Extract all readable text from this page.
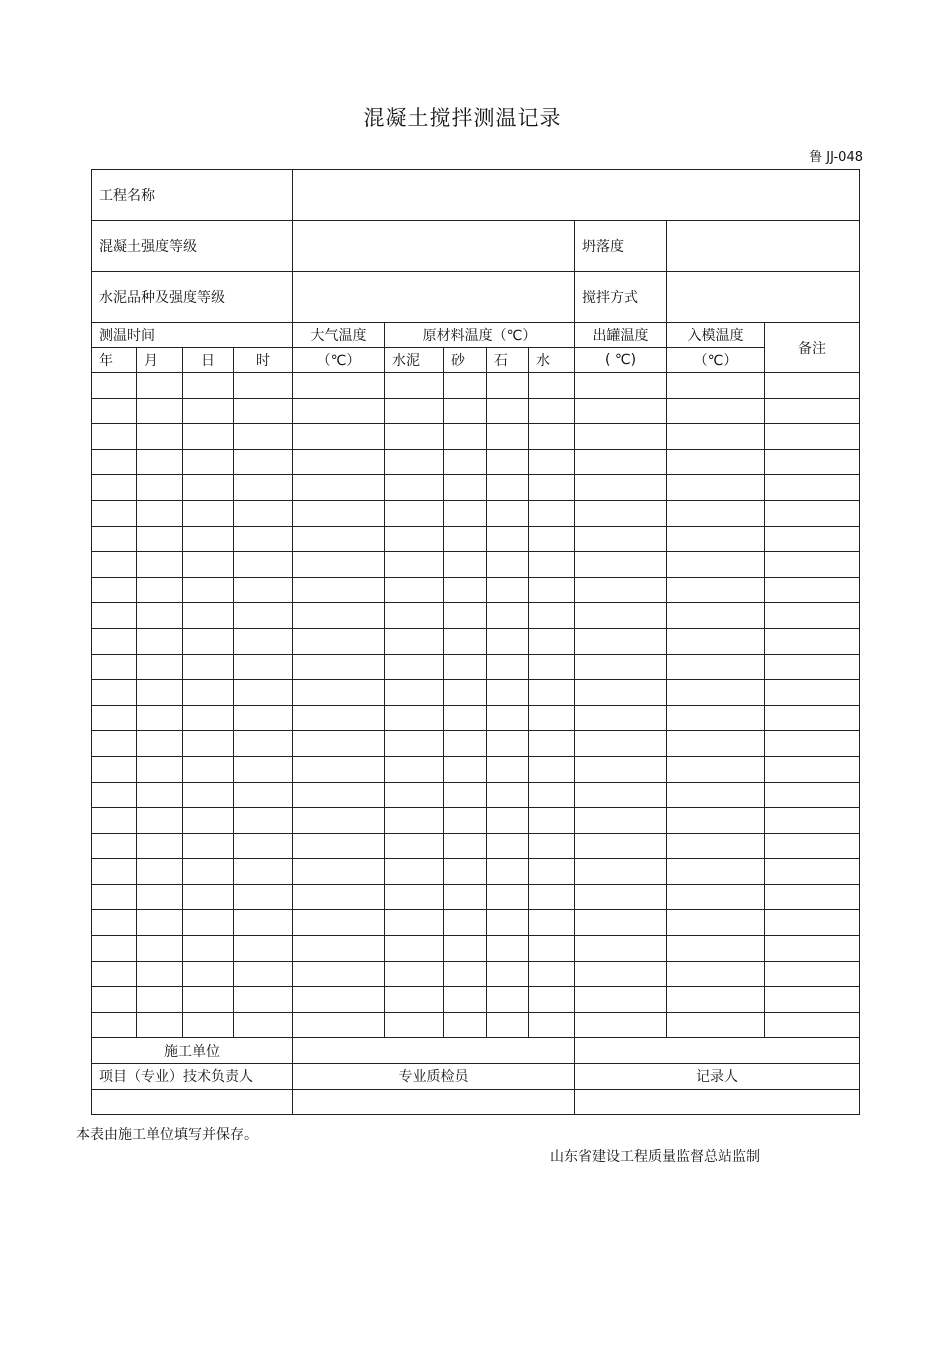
混凝土搅拌测温记录
鲁 JJ-048
工程名称											
混凝土强度等级									坍落度		
水泥品种及强度等级									搅拌方式		
测温时间				大气温度	原材料温度（℃）				出罐温度	入模温度	备注
年	月	日	时	（℃）	水泥	砂	石	水	( ℃)	（℃）	

施工单位											
项目（专业）技术负责人				专业质检员					记录人		

本表由施工单位填写并保存。
山东省建设工程质量监督总站监制
